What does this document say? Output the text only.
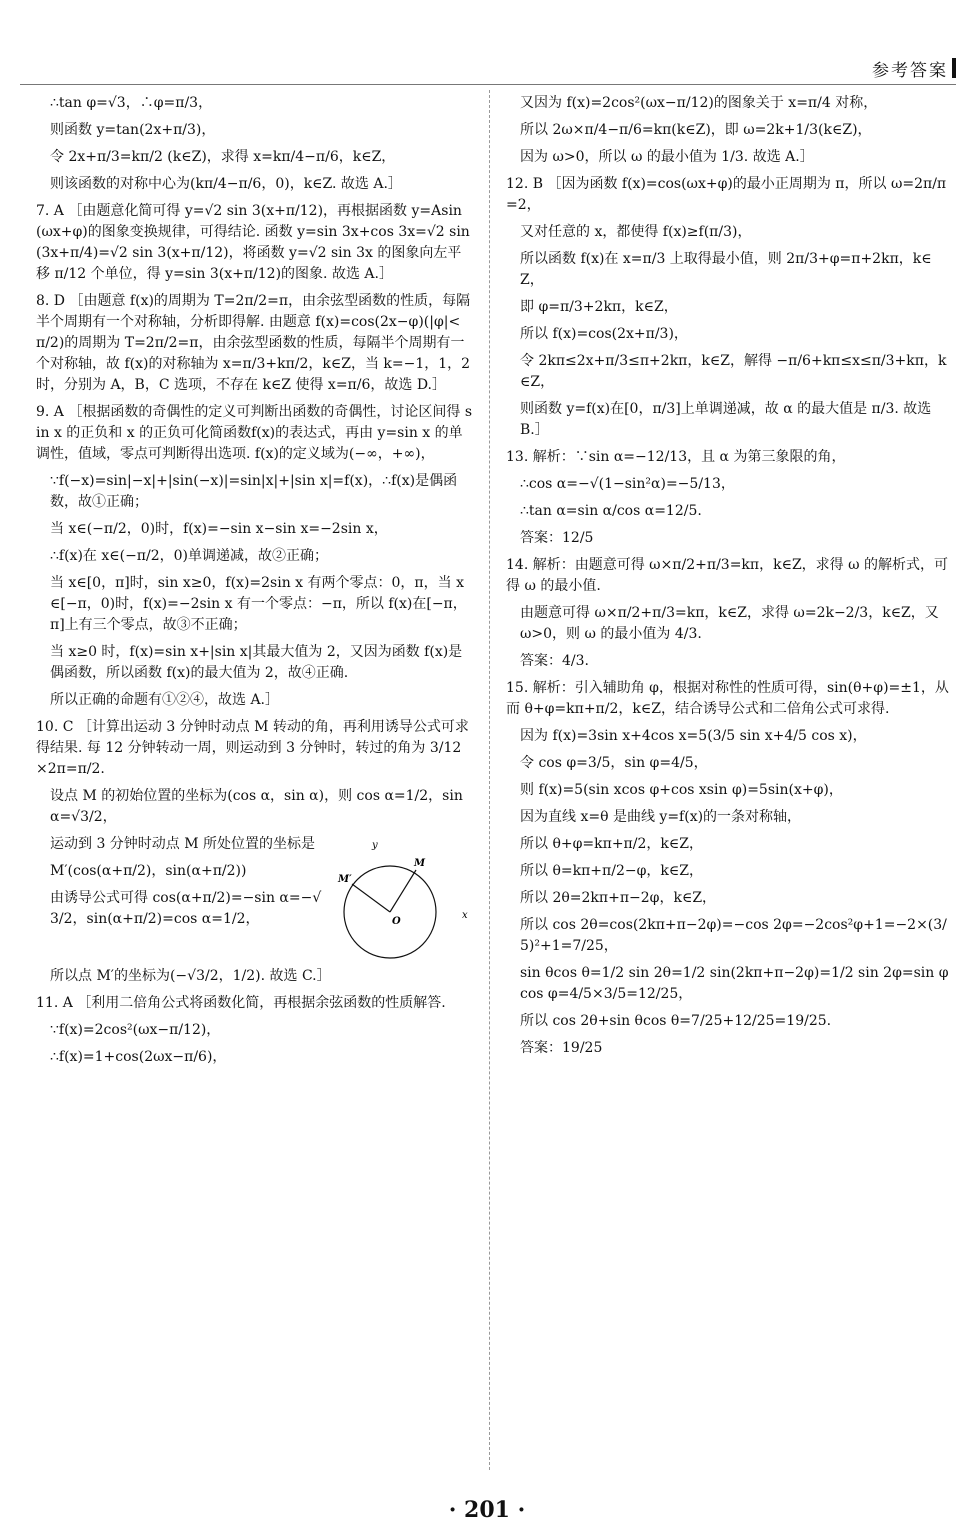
参考答案
∴tan φ=√3，∴φ=π/3，
则函数 y=tan(2x+π/3)，
令 2x+π/3=kπ/2 (k∈Z)，求得 x=kπ/4−π/6，k∈Z，
则该函数的对称中心为(kπ/4−π/6，0)，k∈Z. 故选 A.］
7. A ［由题意化简可得 y=√2 sin 3(x+π/12)，再根据函数 y=Asin(ωx+φ)的图象变换规律，可得结论. 函数 y=sin 3x+cos 3x=√2 sin(3x+π/4)=√2 sin 3(x+π/12)，将函数 y=√2 sin 3x 的图象向左平移 π/12 个单位，得 y=sin 3(x+π/12)的图象. 故选 A.］
8. D ［由题意 f(x)的周期为 T=2π/2=π，由余弦型函数的性质，每隔半个周期有一个对称轴，分析即得解. 由题意 f(x)=cos(2x−φ)(|φ|<π/2)的周期为 T=2π/2=π，由余弦型函数的性质，每隔半个周期有一个对称轴，故 f(x)的对称轴为 x=π/3+kπ/2，k∈Z，当 k=−1，1，2 时，分别为 A，B，C 选项，不存在 k∈Z 使得 x=π/6，故选 D.］
9. A ［根据函数的奇偶性的定义可判断出函数的奇偶性，讨论区间得 sin x 的正负和 x 的正负可化简函数f(x)的表达式，再由 y=sin x 的单调性，值域，零点可判断得出选项. f(x)的定义域为(−∞，+∞)，
∵f(−x)=sin|−x|+|sin(−x)|=sin|x|+|sin x|=f(x)，∴f(x)是偶函数，故①正确；
当 x∈(−π/2，0)时，f(x)=−sin x−sin x=−2sin x，
∴f(x)在 x∈(−π/2，0)单调递减，故②正确；
当 x∈[0，π]时，sin x≥0，f(x)=2sin x 有两个零点：0，π，当 x∈[−π，0)时，f(x)=−2sin x 有一个零点：−π，所以 f(x)在[−π，π]上有三个零点，故③不正确；
当 x≥0 时，f(x)=sin x+|sin x|其最大值为 2，又因为函数 f(x)是偶函数，所以函数 f(x)的最大值为 2，故④正确.
所以正确的命题有①②④，故选 A.］
10. C ［计算出运动 3 分钟时动点 M 转动的角，再利用诱导公式可求得结果. 每 12 分钟转动一周，则运动到 3 分钟时，转过的角为 3/12×2π=π/2.
设点 M 的初始位置的坐标为(cos α，sin α)，则 cos α=1/2，sin α=√3/2，
y
x
M
M′
O
运动到 3 分钟时动点 M 所处位置的坐标是
M′(cos(α+π/2)，sin(α+π/2))
由诱导公式可得 cos(α+π/2)=−sin α=−√3/2，sin(α+π/2)=cos α=1/2，
所以点 M′的坐标为(−√3/2，1/2). 故选 C.］
11. A ［利用二倍角公式将函数化简，再根据余弦函数的性质解答.
∵f(x)=2cos²(ωx−π/12)，
∴f(x)=1+cos(2ωx−π/6)，
又因为 f(x)=2cos²(ωx−π/12)的图象关于 x=π/4 对称，
所以 2ω×π/4−π/6=kπ(k∈Z)，即 ω=2k+1/3(k∈Z)，
因为 ω>0，所以 ω 的最小值为 1/3. 故选 A.］
12. B ［因为函数 f(x)=cos(ωx+φ)的最小正周期为 π，所以 ω=2π/π=2，
又对任意的 x，都使得 f(x)≥f(π/3)，
所以函数 f(x)在 x=π/3 上取得最小值，则 2π/3+φ=π+2kπ，k∈Z，
即 φ=π/3+2kπ，k∈Z，
所以 f(x)=cos(2x+π/3)，
令 2kπ≤2x+π/3≤π+2kπ，k∈Z，解得 −π/6+kπ≤x≤π/3+kπ，k∈Z，
则函数 y=f(x)在[0，π/3]上单调递减，故 α 的最大值是 π/3. 故选 B.］
13. 解析：∵sin α=−12/13，且 α 为第三象限的角，
∴cos α=−√(1−sin²α)=−5/13，
∴tan α=sin α/cos α=12/5.
答案：12/5
14. 解析：由题意可得 ω×π/2+π/3=kπ，k∈Z，求得 ω 的解析式，可得 ω 的最小值.
由题意可得 ω×π/2+π/3=kπ，k∈Z，求得 ω=2k−2/3，k∈Z，又 ω>0，则 ω 的最小值为 4/3.
答案：4/3.
15. 解析：引入辅助角 φ，根据对称性的性质可得，sin(θ+φ)=±1，从而 θ+φ=kπ+π/2，k∈Z，结合诱导公式和二倍角公式可求得.
因为 f(x)=3sin x+4cos x=5(3/5 sin x+4/5 cos x)，
令 cos φ=3/5，sin φ=4/5，
则 f(x)=5(sin xcos φ+cos xsin φ)=5sin(x+φ)，
因为直线 x=θ 是曲线 y=f(x)的一条对称轴，
所以 θ+φ=kπ+π/2，k∈Z，
所以 θ=kπ+π/2−φ，k∈Z，
所以 2θ=2kπ+π−2φ，k∈Z，
所以 cos 2θ=cos(2kπ+π−2φ)=−cos 2φ=−2cos²φ+1=−2×(3/5)²+1=7/25，
sin θcos θ=1/2 sin 2θ=1/2 sin(2kπ+π−2φ)=1/2 sin 2φ=sin φcos φ=4/5×3/5=12/25，
所以 cos 2θ+sin θcos θ=7/25+12/25=19/25.
答案：19/25
· 201 ·
